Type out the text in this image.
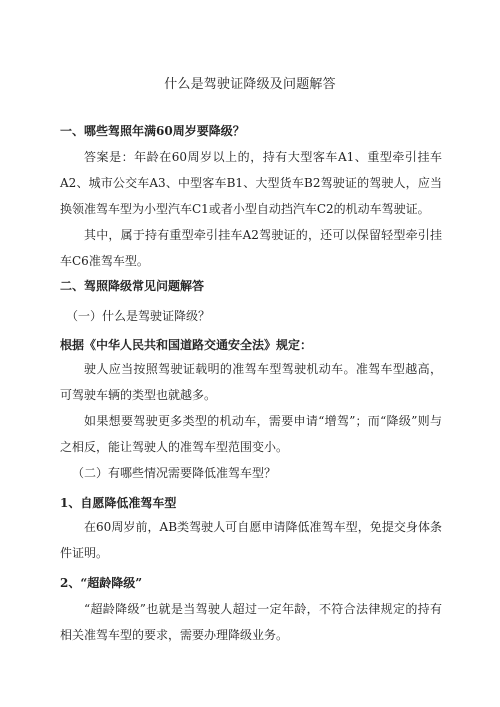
什么是驾驶证降级及问题解答
一、哪些驾照年满60周岁要降级？
答案是：年龄在60周岁以上的，持有大型客车A1、重型牵引挂车A2、城市公交车A3、中型客车B1、大型货车B2驾驶证的驾驶人，应当换领准驾车型为小型汽车C1或者小型自动挡汽车C2的机动车驾驶证。
其中，属于持有重型牵引挂车A2驾驶证的，还可以保留轻型牵引挂车C6准驾车型。
二、驾照降级常见问题解答
（一）什么是驾驶证降级？
根据《中华人民共和国道路交通安全法》规定：
驶人应当按照驾驶证载明的准驾车型驾驶机动车。准驾车型越高，可驾驶车辆的类型也就越多。
如果想要驾驶更多类型的机动车，需要申请“增驾”；而“降级”则与之相反，能让驾驶人的准驾车型范围变小。
（二）有哪些情况需要降低准驾车型？
1、自愿降低准驾车型
在60周岁前，AB类驾驶人可自愿申请降低准驾车型，免提交身体条件证明。
2、“超龄降级”
“超龄降级”也就是当驾驶人超过一定年龄，不符合法律规定的持有相关准驾车型的要求，需要办理降级业务。
